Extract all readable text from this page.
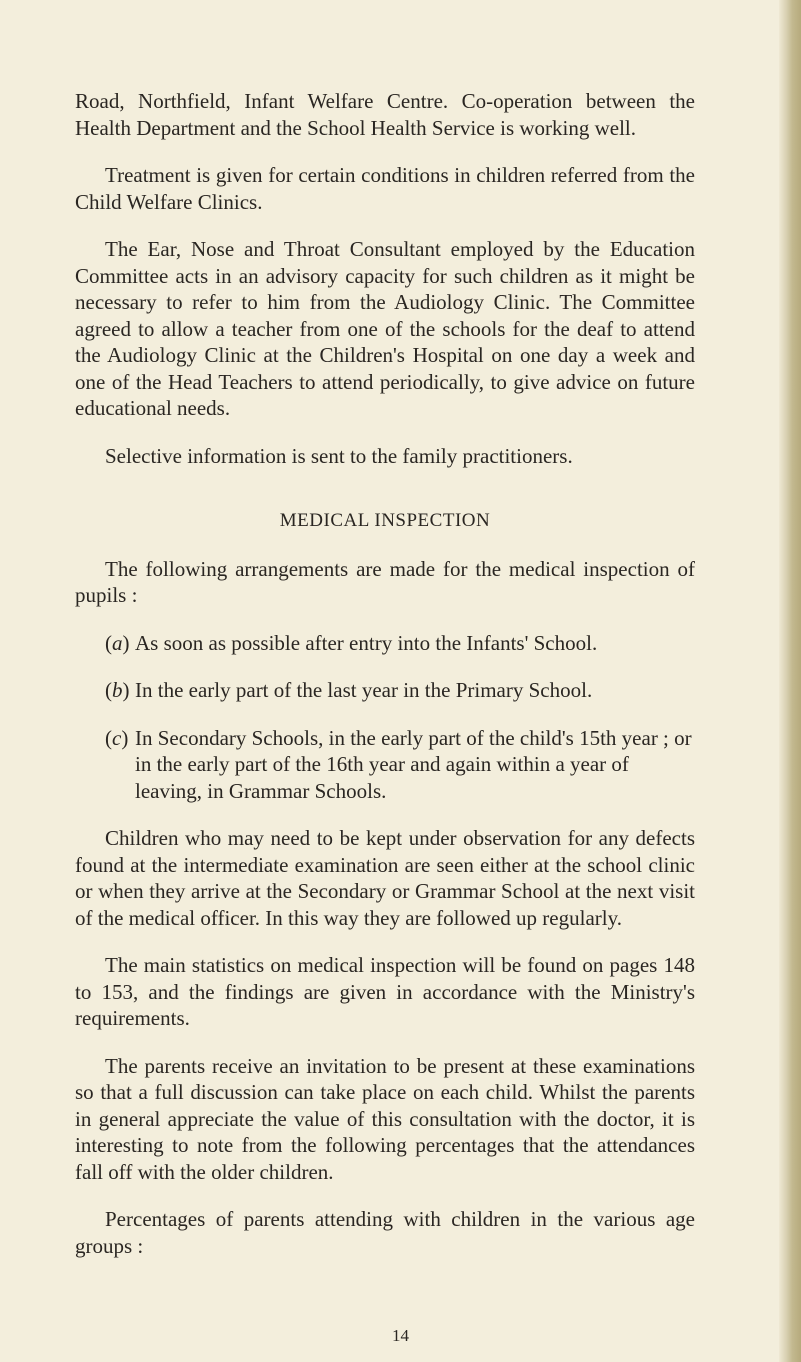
Road, Northfield, Infant Welfare Centre. Co-operation between the Health Department and the School Health Service is working well.

Treatment is given for certain conditions in children referred from the Child Welfare Clinics.

The Ear, Nose and Throat Consultant employed by the Education Committee acts in an advisory capacity for such children as it might be necessary to refer to him from the Audiology Clinic. The Committee agreed to allow a teacher from one of the schools for the deaf to attend the Audiology Clinic at the Children's Hospital on one day a week and one of the Head Teachers to attend periodically, to give advice on future educational needs.

Selective information is sent to the family practitioners.

MEDICAL INSPECTION

The following arrangements are made for the medical inspection of pupils :

(a) As soon as possible after entry into the Infants' School.
(b) In the early part of the last year in the Primary School.
(c) In Secondary Schools, in the early part of the child's 15th year ; or in the early part of the 16th year and again within a year of leaving, in Grammar Schools.

Children who may need to be kept under observation for any defects found at the intermediate examination are seen either at the school clinic or when they arrive at the Secondary or Grammar School at the next visit of the medical officer. In this way they are followed up regularly.

The main statistics on medical inspection will be found on pages 148 to 153, and the findings are given in accordance with the Ministry's requirements.

The parents receive an invitation to be present at these examinations so that a full discussion can take place on each child. Whilst the parents in general appreciate the value of this consultation with the doctor, it is interesting to note from the following percentages that the attendances fall off with the older children.

Percentages of parents attending with children in the various age groups :

14
